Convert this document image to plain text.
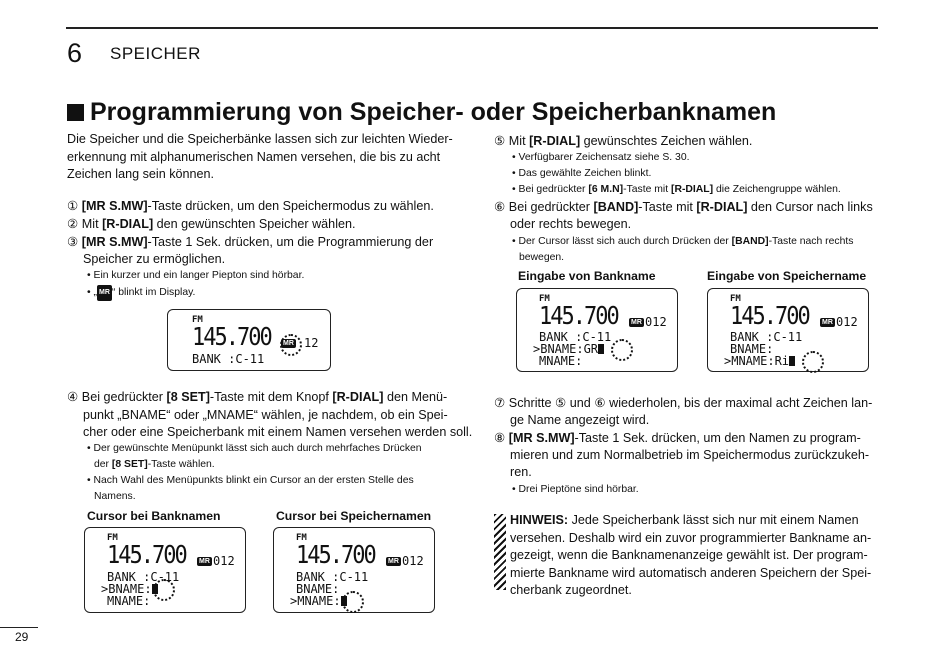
6 SPEICHER
Programmierung von Speicher- oder Speicherbanknamen
Die Speicher und die Speicherbänke lassen sich zur leichten Wieder-
erkennung mit alphanumerischen Namen versehen, die bis zu acht
Zeichen lang sein können.
① [MR S.MW]-Taste drücken, um den Speichermodus zu wählen.
② Mit [R-DIAL] den gewünschten Speicher wählen.
③ [MR S.MW]-Taste 1 Sek. drücken, um die Programmierung der
Speicher zu ermöglichen.
• Ein kurzer und ein langer Piepton sind hörbar.
• „ MR “ blinkt im Display.
FM
145.700 MR 12
BANK :C-11
④ Bei gedrückter [8 SET]-Taste mit dem Knopf [R-DIAL] den Menü-
punkt „BNAME“ oder „MNAME“ wählen, je nachdem, ob ein Spei-
cher oder eine Speicherbank mit einem Namen versehen werden soll.
• Der gewünschte Menüpunkt lässt sich auch durch mehrfaches Drücken
der [8 SET]-Taste wählen.
• Nach Wahl des Menüpunkts blinkt ein Cursor an der ersten Stelle des
Namens.
Cursor bei Banknamen	Cursor bei Speichernamen
FM
145.700 MR 012
BANK :C-11
>BNAME:
MNAME:
FM
145.700 MR 012
BANK :C-11
BNAME:
>MNAME:
⑤ Mit [R-DIAL] gewünschtes Zeichen wählen.
• Verfügbarer Zeichensatz siehe S. 30.
• Das gewählte Zeichen blinkt.
• Bei gedrückter [6 M.N]-Taste mit [R-DIAL] die Zeichengruppe wählen.
⑥ Bei gedrückter [BAND]-Taste mit [R-DIAL] den Cursor nach links
oder rechts bewegen.
• Der Cursor lässt sich auch durch Drücken der [BAND]-Taste nach rechts
bewegen.
Eingabe von Bankname	Eingabe von Speichername
FM
145.700 MR 012
BANK :C-11
>BNAME:GR
MNAME:
FM
145.700 MR 012
BANK :C-11
BNAME:
>MNAME:Ri
⑦ Schritte ⑤ und ⑥ wiederholen, bis der maximal acht Zeichen lan-
ge Name angezeigt wird.
⑧ [MR S.MW]-Taste 1 Sek. drücken, um den Namen zu program-
mieren und zum Normalbetrieb im Speichermodus zurückzukeh-
ren.
• Drei Pieptöne sind hörbar.
HINWEIS: Jede Speicherbank lässt sich nur mit einem Namen
versehen. Deshalb wird ein zuvor programmierter Bankname an-
gezeigt, wenn die Banknamenanzeige gewählt ist. Der program-
mierte Bankname wird automatisch anderen Speichern der Spei-
cherbank zugeordnet.
29
